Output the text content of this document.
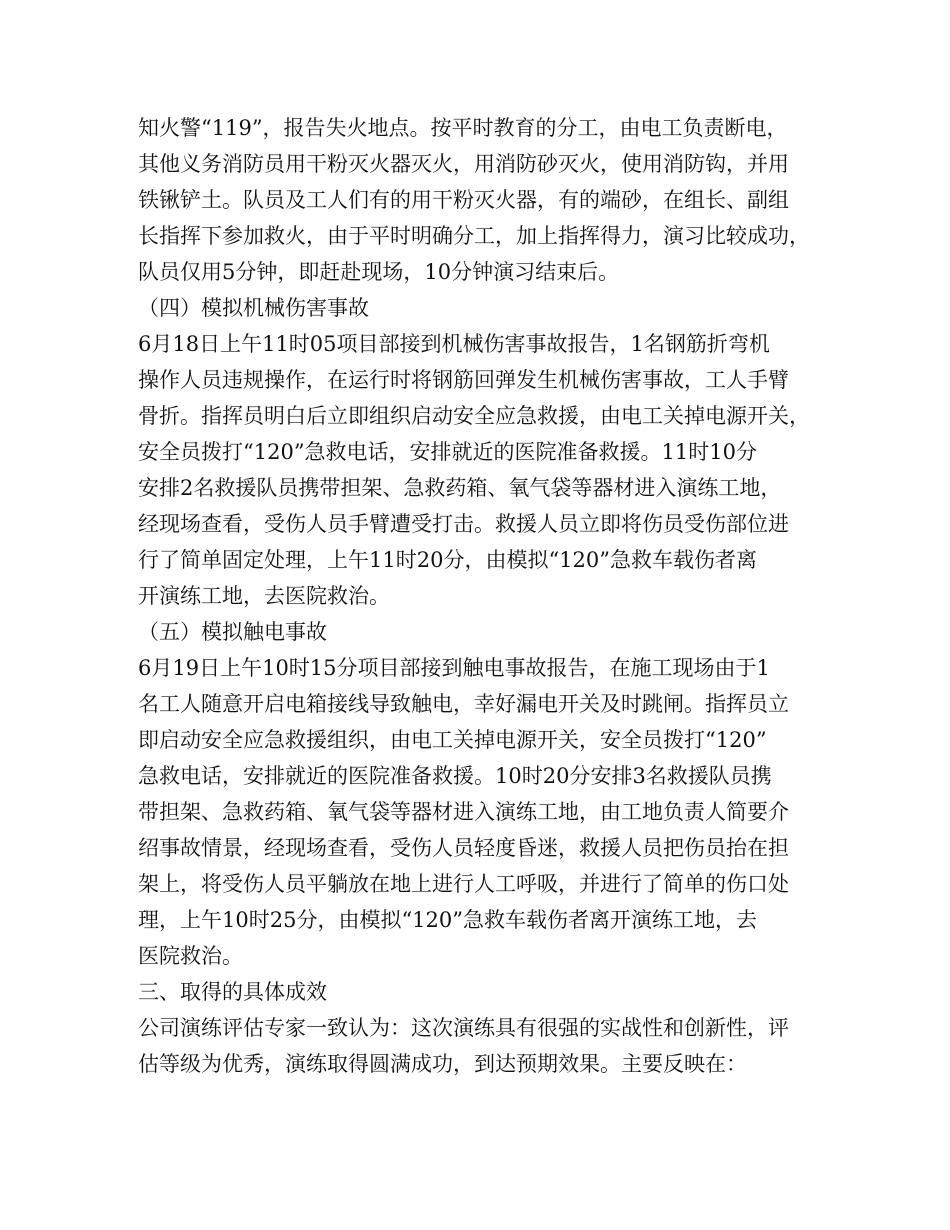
知火警“119”，报告失火地点。按平时教育的分工，由电工负责断电，
其他义务消防员用干粉灭火器灭火，用消防砂灭火，使用消防钩，并用
铁锹铲土。队员及工人们有的用干粉灭火器，有的端砂，在组长、副组
长指挥下参加救火，由于平时明确分工，加上指挥得力，演习比较成功，
队员仅用5分钟，即赶赴现场，10分钟演习结束后。
（四）模拟机械伤害事故
6月18日上午11时05项目部接到机械伤害事故报告，1名钢筋折弯机
操作人员违规操作，在运行时将钢筋回弹发生机械伤害事故，工人手臂
骨折。指挥员明白后立即组织启动安全应急救援，由电工关掉电源开关，
安全员拨打“120”急救电话，安排就近的医院准备救援。11时10分
安排2名救援队员携带担架、急救药箱、氧气袋等器材进入演练工地，
经现场查看，受伤人员手臂遭受打击。救援人员立即将伤员受伤部位进
行了简单固定处理，上午11时20分，由模拟“120”急救车载伤者离
开演练工地，去医院救治。
（五）模拟触电事故
6月19日上午10时15分项目部接到触电事故报告，在施工现场由于1
名工人随意开启电箱接线导致触电，幸好漏电开关及时跳闸。指挥员立
即启动安全应急救援组织，由电工关掉电源开关，安全员拨打“120”
急救电话，安排就近的医院准备救援。10时20分安排3名救援队员携
带担架、急救药箱、氧气袋等器材进入演练工地，由工地负责人简要介
绍事故情景，经现场查看，受伤人员轻度昏迷，救援人员把伤员抬在担
架上，将受伤人员平躺放在地上进行人工呼吸，并进行了简单的伤口处
理，上午10时25分，由模拟“120”急救车载伤者离开演练工地，去
医院救治。
三、取得的具体成效
公司演练评估专家一致认为：这次演练具有很强的实战性和创新性，评
估等级为优秀，演练取得圆满成功，到达预期效果。主要反映在：
